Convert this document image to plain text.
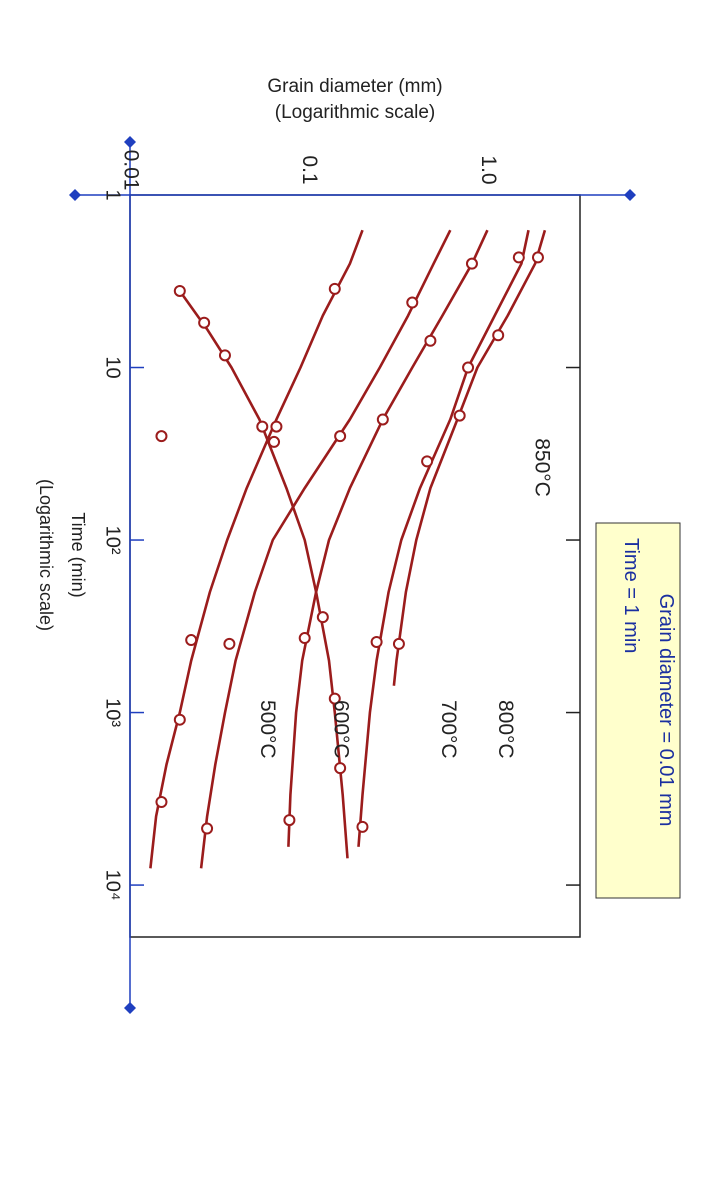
Grain diameter = 0.01 mm
Time = 1 min
Grain diameter (mm)
(Logarithmic scale)
Time (min)
(Logarithmic scale)
1
10
10²
10³
10⁴
0.01	0.1	1.0
850°C
800°C
700°C
600°C
500°C
